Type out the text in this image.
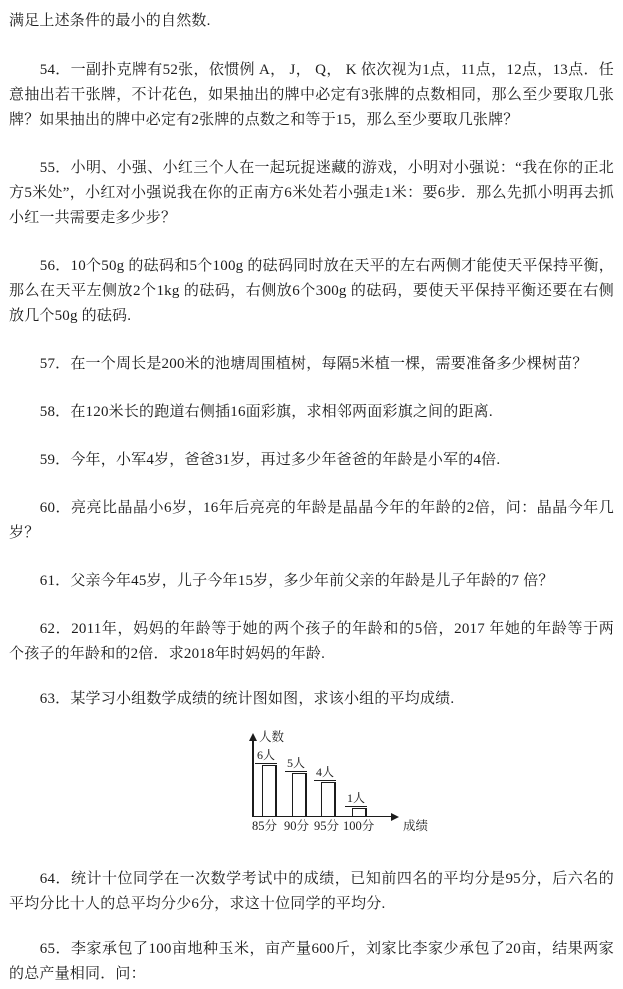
满足上述条件的最小的自然数.

54．一副扑克牌有52张，依惯例 A， J， Q， K 依次视为1点，11点，12点，13点．任意抽出若干张牌，不计花色，如果抽出的牌中必定有3张牌的点数相同，那么至少要取几张牌？如果抽出的牌中必定有2张牌的点数之和等于15，那么至少要取几张牌？

55．小明、小强、小红三个人在一起玩捉迷藏的游戏，小明对小强说：“我在你的正北方5米处”，小红对小强说我在你的正南方6米处若小强走1米：要6步．那么先抓小明再去抓小红一共需要走多少步？

56．10个50g 的砝码和5个100g 的砝码同时放在天平的左右两侧才能使天平保持平衡，那么在天平左侧放2个1kg 的砝码，右侧放6个300g 的砝码，要使天平保持平衡还要在右侧放几个50g 的砝码.

57．在一个周长是200米的池塘周围植树，每隔5米植一棵，需要准备多少棵树苗？

58．在120米长的跑道右侧插16面彩旗，求相邻两面彩旗之间的距离.

59．今年，小军4岁，爸爸31岁，再过多少年爸爸的年龄是小军的4倍.

60．亮亮比晶晶小6岁，16年后亮亮的年龄是晶晶今年的年龄的2倍，问：晶晶今年几岁？

61．父亲今年45岁，儿子今年15岁，多少年前父亲的年龄是儿子年龄的7 倍？

62．2011年，妈妈的年龄等于她的两个孩子的年龄和的5倍，2017 年她的年龄等于两个孩子的年龄和的2倍．求2018年时妈妈的年龄.

63．某学习小组数学成绩的统计图如图，求该小组的平均成绩.

人数
6人
5人
4人
1人
85分 90分 95分 100分 成绩

64．统计十位同学在一次数学考试中的成绩，已知前四名的平均分是95分，后六名的平均分比十人的总平均分少6分，求这十位同学的平均分.

65．李家承包了100亩地种玉米，亩产量600斤，刘家比李家少承包了20亩，结果两家的总产量相同．问：
